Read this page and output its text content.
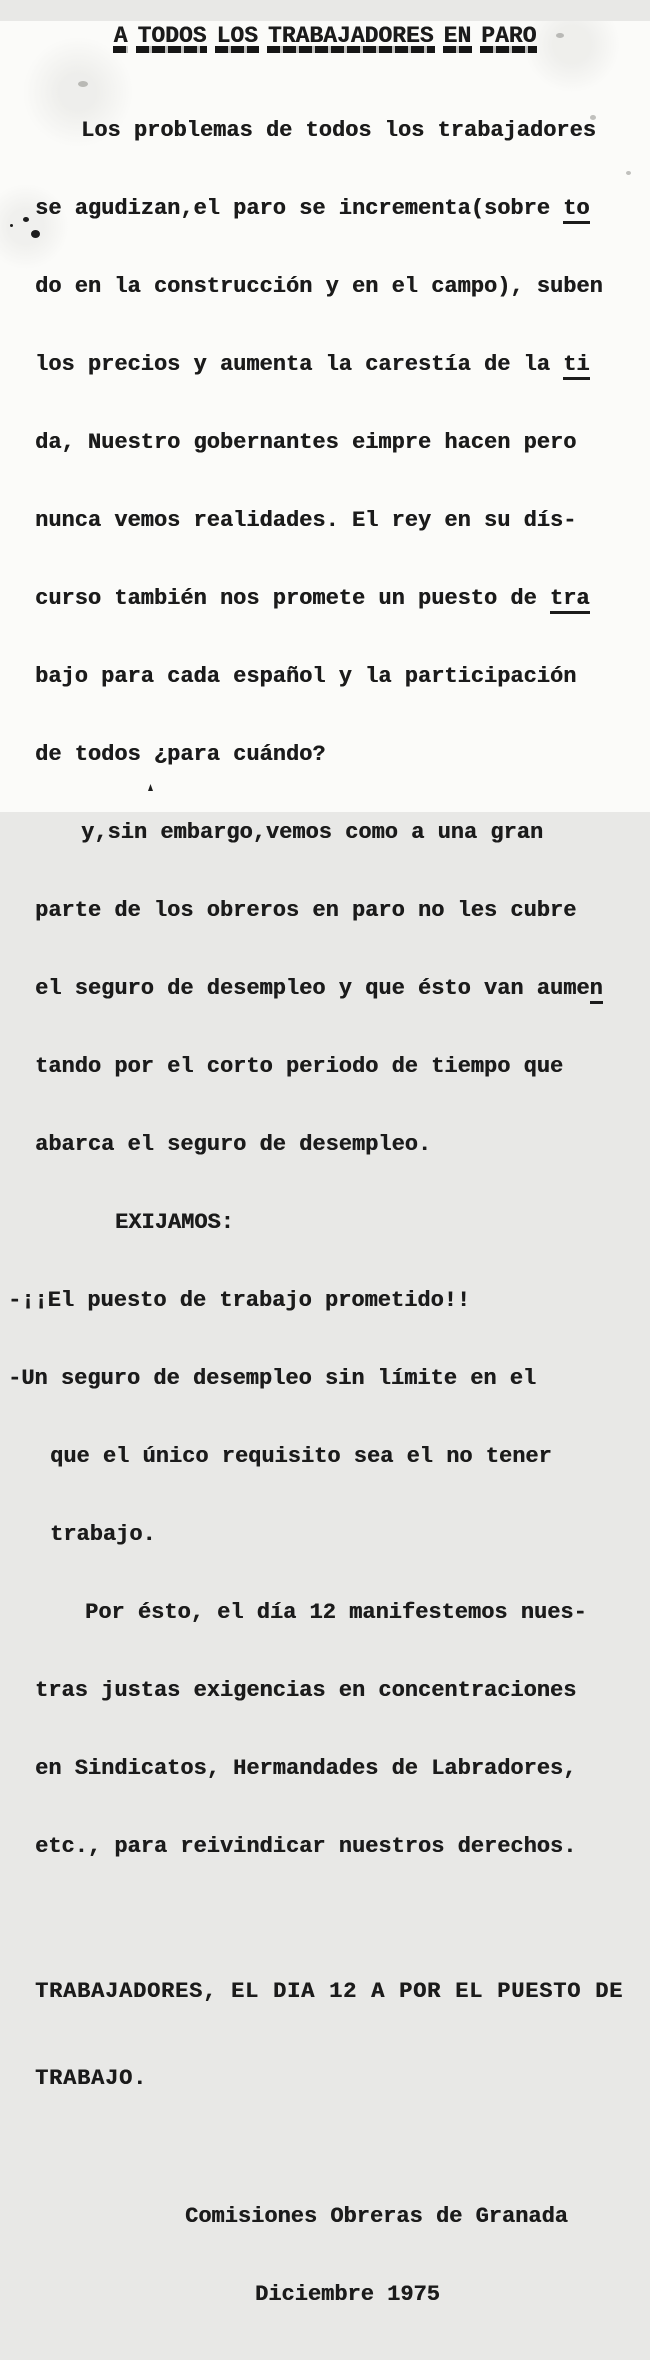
A TODOS LOS TRABAJADORES EN PARO

Los problemas de todos los trabajadores

se agudizan,el paro se incrementa(sobre to

do en la construcción y en el campo), suben

los precios y aumenta la carestía de la ti

da, Nuestro gobernantes eimpre hacen pero

nunca vemos realidades. El rey en su dís-

curso también nos promete un puesto de tra

bajo para cada español y la participación

de todos ¿para cuándo?

y,sin embargo,vemos como a una gran

parte de los obreros en paro no les cubre

el seguro de desempleo y que ésto van aumen

tando por el corto periodo de tiempo que

abarca el seguro de desempleo.

EXIJAMOS:

-¡¡El puesto de trabajo prometido!!

-Un seguro de desempleo sin límite en el

que el único requisito sea el no tener

trabajo.

Por ésto, el día 12 manifestemos nues-

tras justas exigencias en concentraciones

en Sindicatos, Hermandades de Labradores,

etc., para reivindicar nuestros derechos.

TRABAJADORES, EL DIA 12 A POR EL PUESTO DE

TRABAJO.

Comisiones Obreras de Granada

Diciembre 1975
